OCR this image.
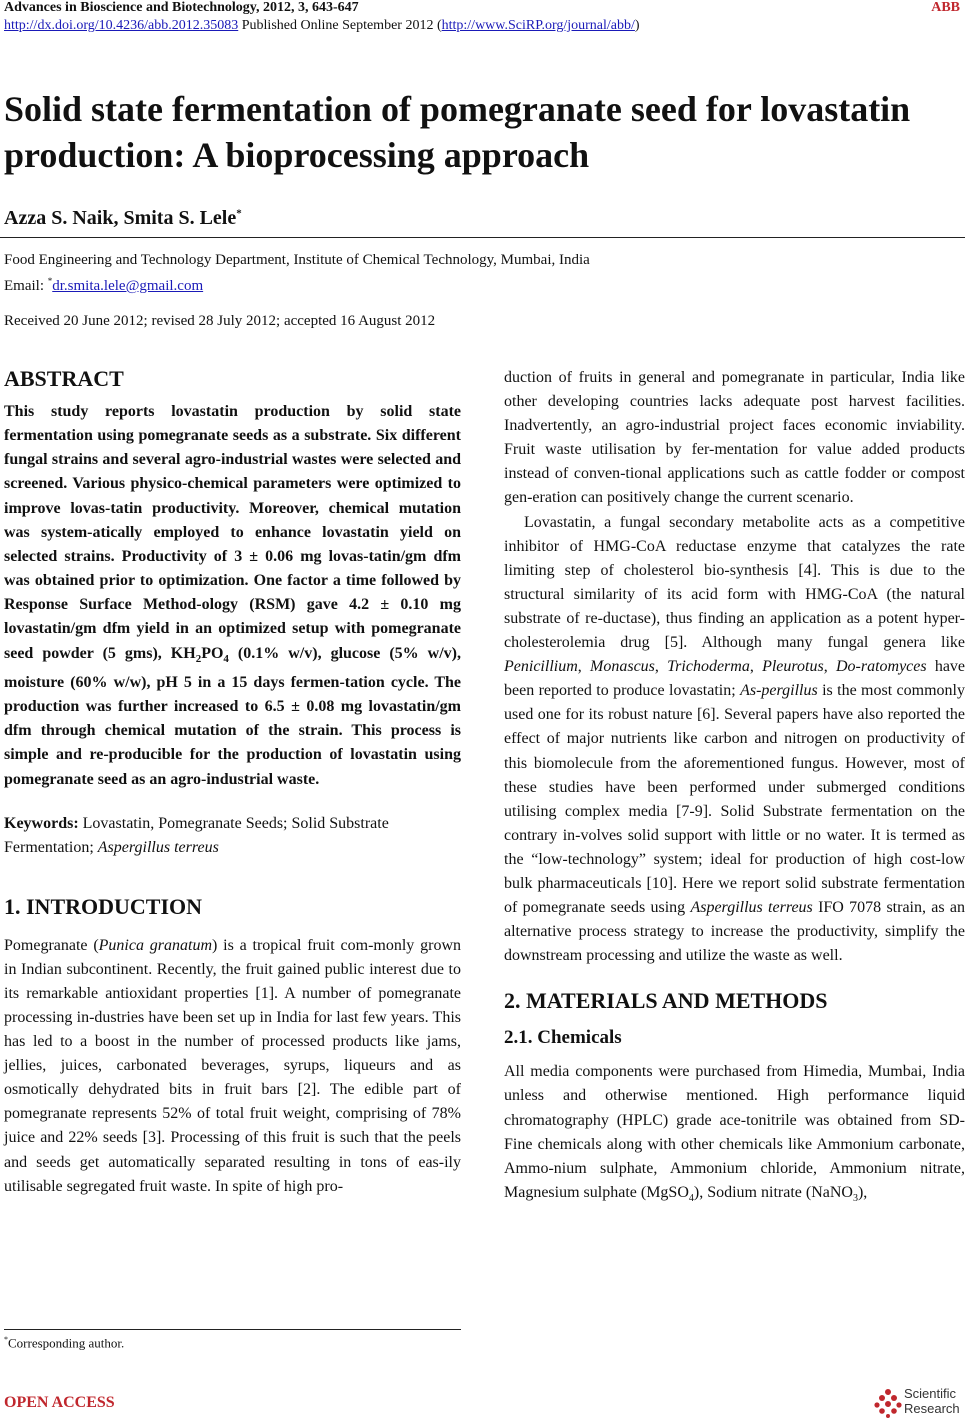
Advances in Bioscience and Biotechnology, 2012, 3, 643-647	ABB
http://dx.doi.org/10.4236/abb.2012.35083 Published Online September 2012 (http://www.SciRP.org/journal/abb/)
Solid state fermentation of pomegranate seed for lovastatin production: A bioprocessing approach
Azza S. Naik, Smita S. Lele*
Food Engineering and Technology Department, Institute of Chemical Technology, Mumbai, India
Email: *dr.smita.lele@gmail.com
Received 20 June 2012; revised 28 July 2012; accepted 16 August 2012
ABSTRACT

This study reports lovastatin production by solid state fermentation using pomegranate seeds as a substrate. Six different fungal strains and several agro-industrial wastes were selected and screened. Various physico-chemical parameters were optimized to improve lovas-tatin productivity. Moreover, chemical mutation was system-atically employed to enhance lovastatin yield on selected strains. Productivity of 3 ± 0.06 mg lovas-tatin/gm dfm was obtained prior to optimization. One factor a time followed by Response Surface Method-ology (RSM) gave 4.2 ± 0.10 mg lovastatin/gm dfm yield in an optimized setup with pomegranate seed powder (5 gms), $KH_2PO_4$ (0.1% w/v), glucose (5% w/v), moisture (60% w/w), pH 5 in a 15 days fermen-tation cycle. The production was further increased to 6.5 ± 0.08 mg lovastatin/gm dfm through chemical mutation of the strain. This process is simple and re-producible for the production of lovastatin using pomegranate seed as an agro-industrial waste.

Keywords: Lovastatin, Pomegranate Seeds; Solid Substrate Fermentation; Aspergillus terreus

1. INTRODUCTION

Pomegranate (Punica granatum) is a tropical fruit com-monly grown in Indian subcontinent. Recently, the fruit gained public interest due to its remarkable antioxidant properties [1]. A number of pomegranate processing in-dustries have been set up in India for last few years. This has led to a boost in the number of processed products like jams, jellies, juices, carbonated beverages, syrups, liqueurs and as osmotically dehydrated bits in fruit bars [2]. The edible part of pomegranate represents 52% of total fruit weight, comprising of 78% juice and 22% seeds [3]. Processing of this fruit is such that the peels and seeds get automatically separated resulting in tons of eas-ily utilisable segregated fruit waste. In spite of high pro-

duction of fruits in general and pomegranate in particular, India like other developing countries lacks adequate post harvest facilities. Inadvertently, an agro-industrial project faces economic inviability. Fruit waste utilisation by fer-mentation for value added products instead of conven-tional applications such as cattle fodder or compost gen-eration can positively change the current scenario.

Lovastatin, a fungal secondary metabolite acts as a competitive inhibitor of HMG-CoA reductase enzyme that catalyzes the rate limiting step of cholesterol bio-synthesis [4]. This is due to the structural similarity of its acid form with HMG-CoA (the natural substrate of re-ductase), thus finding an application as a potent hyper-cholesterolemia drug [5]. Although many fungal genera like Penicillium, Monascus, Trichoderma, Pleurotus, Do-ratomyces have been reported to produce lovastatin; As-pergillus is the most commonly used one for its robust nature [6]. Several papers have also reported the effect of major nutrients like carbon and nitrogen on productivity of this biomolecule from the aforementioned fungus. However, most of these studies have been performed under submerged conditions utilising complex media [7-9]. Solid Substrate fermentation on the contrary in-volves solid support with little or no water. It is termed as the “low-technology” system; ideal for production of high cost-low bulk pharmaceuticals [10]. Here we report solid substrate fermentation of pomegranate seeds using Aspergillus terreus IFO 7078 strain, as an alternative process strategy to increase the productivity, simplify the downstream processing and utilize the waste as well.

2. MATERIALS AND METHODS
2.1. Chemicals

All media components were purchased from Himedia, Mumbai, India unless and otherwise mentioned. High performance liquid chromatography (HPLC) grade ace-tonitrile was obtained from SD-Fine chemicals along with other chemicals like Ammonium carbonate, Ammo-nium sulphate, Ammonium chloride, Ammonium nitrate, Magnesium sulphate (MgSO$_4$), Sodium nitrate (NaNO$_3$),

*Corresponding author.
OPEN ACCESS
Scientific
Research
